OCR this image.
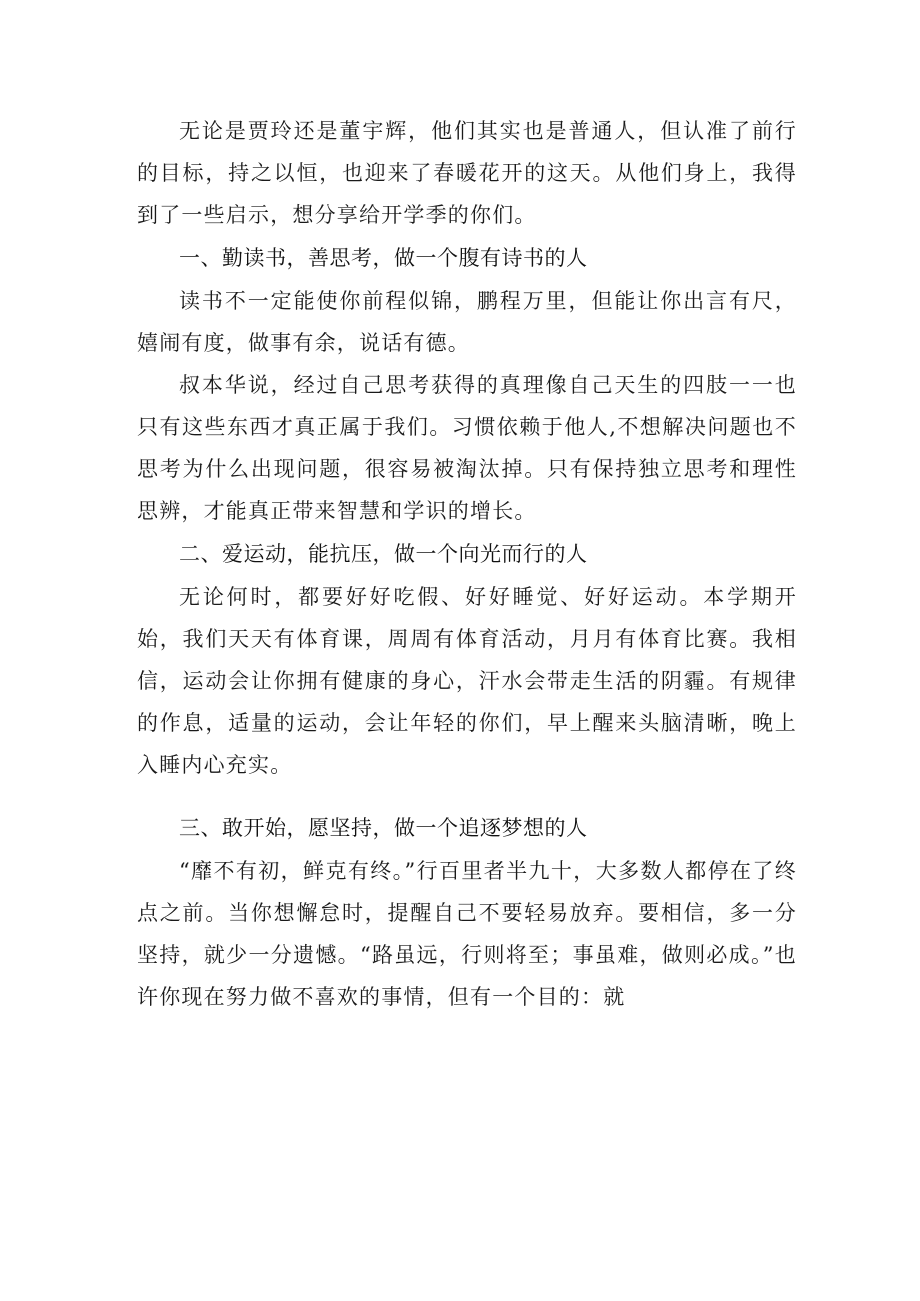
无论是贾玲还是董宇辉，他们其实也是普通人，但认准了前行的目标，持之以恒，也迎来了春暖花开的这天。从他们身上，我得到了一些启示，想分享给开学季的你们。

一、勤读书，善思考，做一个腹有诗书的人

读书不一定能使你前程似锦，鹏程万里，但能让你出言有尺，嬉闹有度，做事有余，说话有德。

叔本华说，经过自己思考获得的真理像自己天生的四肢一一也只有这些东西才真正属于我们。习惯依赖于他人,不想解决问题也不思考为什么出现问题，很容易被淘汰掉。只有保持独立思考和理性思辨，才能真正带来智慧和学识的增长。

二、爱运动，能抗压，做一个向光而行的人

无论何时，都要好好吃假、好好睡觉、好好运动。本学期开始，我们天天有体育课，周周有体育活动，月月有体育比赛。我相信，运动会让你拥有健康的身心，汗水会带走生活的阴霾。有规律的作息，适量的运动，会让年轻的你们，早上醒来头脑清晰，晚上入睡内心充实。

三、敢开始，愿坚持，做一个追逐梦想的人

“靡不有初，鲜克有终。”行百里者半九十，大多数人都停在了终点之前。当你想懈怠时，提醒自己不要轻易放弃。要相信，多一分坚持，就少一分遗憾。“路虽远，行则将至；事虽难，做则必成。”也许你现在努力做不喜欢的事情，但有一个目的：就
